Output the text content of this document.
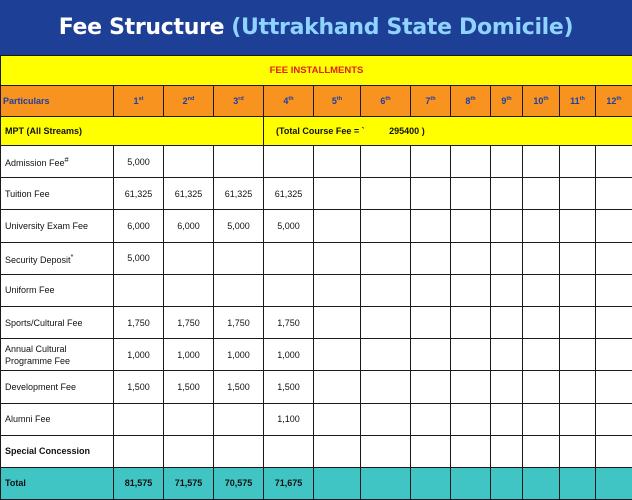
Fee Structure (Uttrakhand State Domicile)
FEE INSTALLMENTS												
Particulars	1st	2nd	3rd	4th	5th	6th	7th	8th	9th	10th	11th	12th
MPT (All Streams)				(Total Course Fee = ` 295400 )								
Admission Fee#	5,000											
Tuition Fee	61,325	61,325	61,325	61,325								
University Exam Fee	6,000	6,000	5,000	5,000								
Security Deposit*	5,000											
Uniform Fee												
Sports/Cultural Fee	1,750	1,750	1,750	1,750								
Annual Cultural Programme Fee	1,000	1,000	1,000	1,000								
Development Fee	1,500	1,500	1,500	1,500								
Alumni Fee				1,100								
Special Concession												
Total	81,575	71,575	70,575	71,675								
